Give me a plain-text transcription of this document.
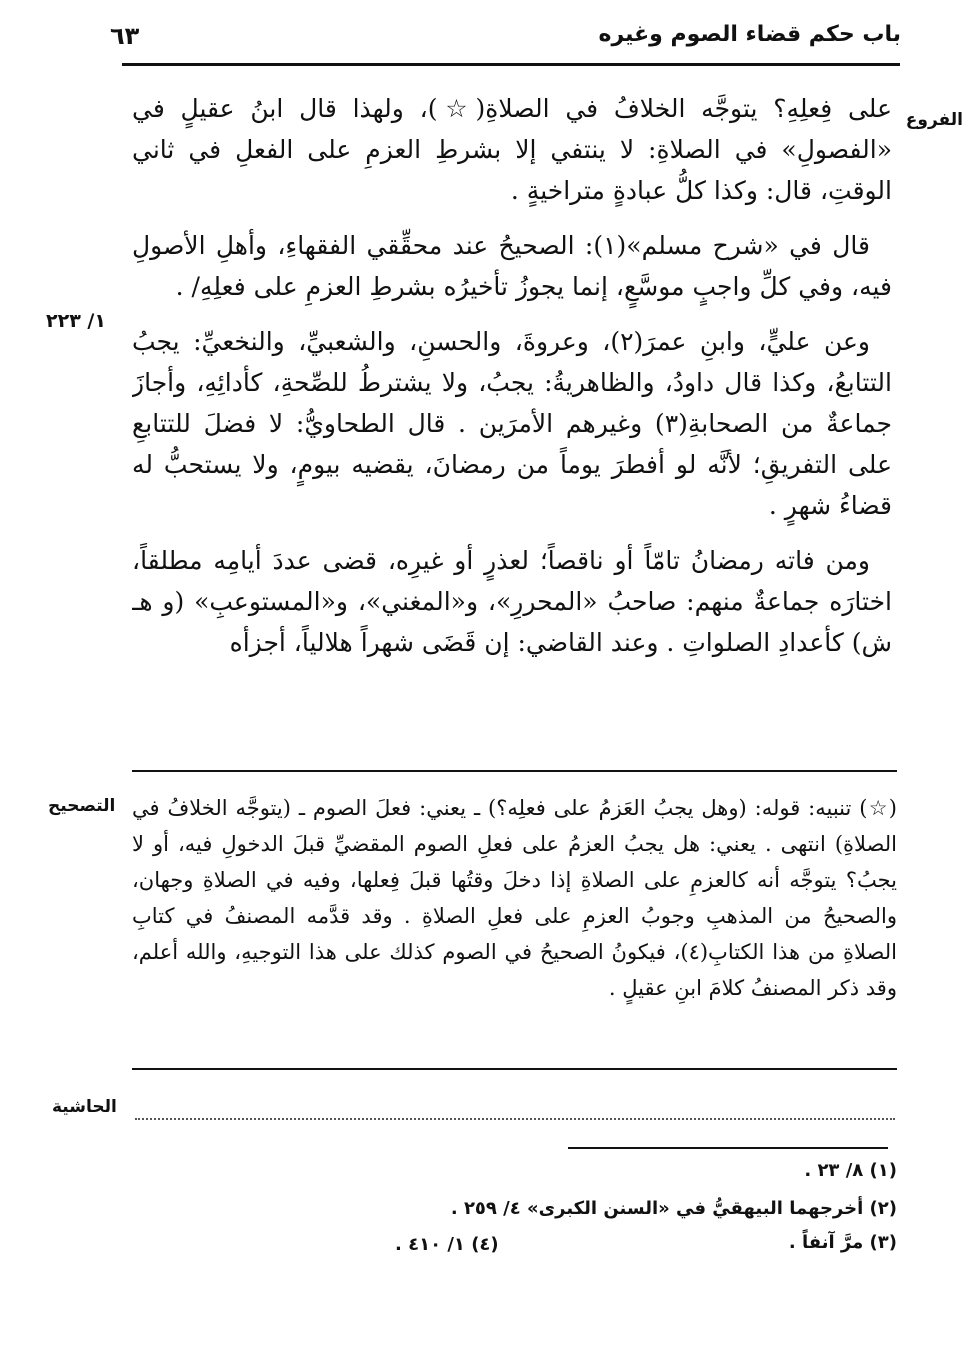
باب حكم قضاء الصوم وغيره
٦٣
الفروع
١/ ٢٢٣

على فِعلِهِ؟ يتوجَّه الخلافُ في الصلاةِ(☆)، ولهذا قال ابنُ عقيلٍ في «الفصولِ» في الصلاةِ: لا ينتفي إلا بشرطِ العزمِ على الفعلِ في ثاني الوقتِ، قال: وكذا كلُّ عبادةٍ متراخيةٍ .

قال في «شرح مسلم»(١): الصحيحُ عند محقِّقي الفقهاءِ، وأهلِ الأصولِ فيه، وفي كلِّ واجبٍ موسَّعٍ، إنما يجوزُ تأخيرُه بشرطِ العزمِ على فعلِهِ/ .

وعن عليٍّ، وابنِ عمرَ(٢)، وعروةَ، والحسنِ، والشعبيِّ، والنخعيِّ: يجبُ التتابعُ، وكذا قال داودُ، والظاهريةُ: يجبُ، ولا يشترطُ للصِّحةِ، كأدائِهِ، وأجازَ جماعةٌ من الصحابةِ(٣) وغيرهم الأمرَين . قال الطحاويُّ: لا فضلَ للتتابعِ على التفريقِ؛ لأنَّه لو أفطرَ يوماً من رمضانَ، يقضيه بيومٍ، ولا يستحبُّ له قضاءُ شهرٍ .

ومن فاته رمضانُ تامّاً أو ناقصاً؛ لعذرٍ أو غيرِه، قضى عددَ أيامِه مطلقاً، اختارَه جماعةٌ منهم: صاحبُ «المحررِ»، و«المغني»، و«المستوعبِ» (و هـ ش) كأعدادِ الصلواتِ . وعند القاضي: إن قَضَى شهراً هلالياً، أجزأه

التصحيح (☆) تنبيه: قوله: (وهل يجبُ العَزمُ على فعلِه؟) ـ يعني: فعلَ الصوم ـ (يتوجَّه الخلافُ في الصلاةِ) انتهى . يعني: هل يجبُ العزمُ على فعلِ الصوم المقضيِّ قبلَ الدخولِ فيه، أو لا يجبُ؟ يتوجَّه أنه كالعزمِ على الصلاةِ إذا دخلَ وقتُها قبلَ فِعلها، وفيه في الصلاةِ وجهان، والصحيحُ من المذهبِ وجوبُ العزمِ على فعلِ الصلاةِ . وقد قدَّمه المصنفُ في كتابِ الصلاةِ من هذا الكتابِ(٤)، فيكونُ الصحيحُ في الصوم كذلك على هذا التوجيهِ، والله أعلم، وقد ذكر المصنفُ كلامَ ابنِ عقيلٍ .
الحاشية
(١) ٨/ ٢٣ .
(٢) أخرجهما البيهقيُّ في «السنن الكبرى» ٤/ ٢٥٩ .
(٣) مرَّ آنفاً .
(٤) ١/ ٤١٠ .
